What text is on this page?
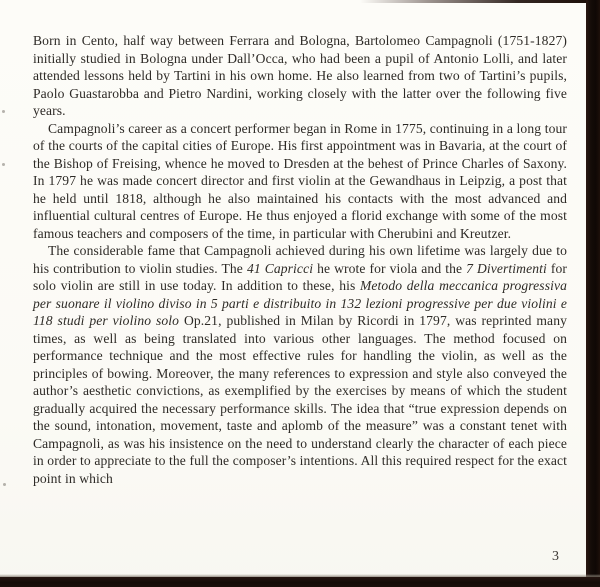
Born in Cento, half way between Ferrara and Bologna, Bartolomeo Campagnoli (1751-1827) initially studied in Bologna under Dall’Occa, who had been a pupil of Antonio Lolli, and later attended lessons held by Tartini in his own home. He also learned from two of Tartini’s pupils, Paolo Guastarobba and Pietro Nardini, working closely with the latter over the following five years.

Campagnoli’s career as a concert performer began in Rome in 1775, continuing in a long tour of the courts of the capital cities of Europe. His first appointment was in Bavaria, at the court of the Bishop of Freising, whence he moved to Dresden at the behest of Prince Charles of Saxony. In 1797 he was made concert director and first violin at the Gewandhaus in Leipzig, a post that he held until 1818, although he also maintained his contacts with the most advanced and influential cultural centres of Europe. He thus enjoyed a florid exchange with some of the most famous teachers and composers of the time, in particular with Cherubini and Kreutzer.

The considerable fame that Campagnoli achieved during his own lifetime was largely due to his contribution to violin studies. The 41 Capricci he wrote for viola and the 7 Divertimenti for solo violin are still in use today. In addition to these, his Metodo della meccanica progressiva per suonare il violino diviso in 5 parti e distribuito in 132 lezioni progressive per due violini e 118 studi per violino solo Op.21, published in Milan by Ricordi in 1797, was reprinted many times, as well as being translated into various other languages. The method focused on performance technique and the most effective rules for handling the violin, as well as the principles of bowing. Moreover, the many references to expression and style also conveyed the author’s aesthetic convictions, as exemplified by the exercises by means of which the student gradually acquired the necessary performance skills. The idea that “true expression depends on the sound, intonation, movement, taste and aplomb of the measure” was a constant tenet with Campagnoli, as was his insistence on the need to understand clearly the character of each piece in order to appreciate to the full the composer’s intentions. All this required respect for the exact point in which

3
